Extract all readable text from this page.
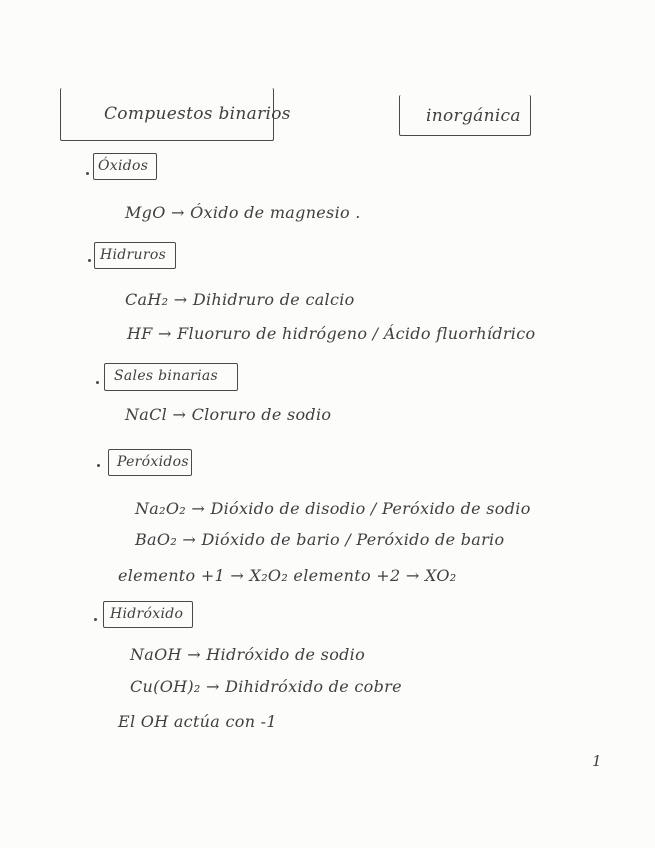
Compuestos binarios	inorgánica
Óxidos
MgO → Óxido de magnesio .
Hidruros
CaH₂ → Dihidruro de calcio
HF → Fluoruro de hidrógeno / Ácido fluorhídrico
Sales binarias
NaCl → Cloruro de sodio
Peróxidos
Na₂O₂ → Dióxido de disodio / Peróxido de sodio
BaO₂ → Dióxido de bario / Peróxido de bario
elemento +1 → X₂O₂ elemento +2 → XO₂
Hidróxido
NaOH → Hidróxido de sodio
Cu(OH)₂ → Dihidróxido de cobre
El OH actúa con -1
1
